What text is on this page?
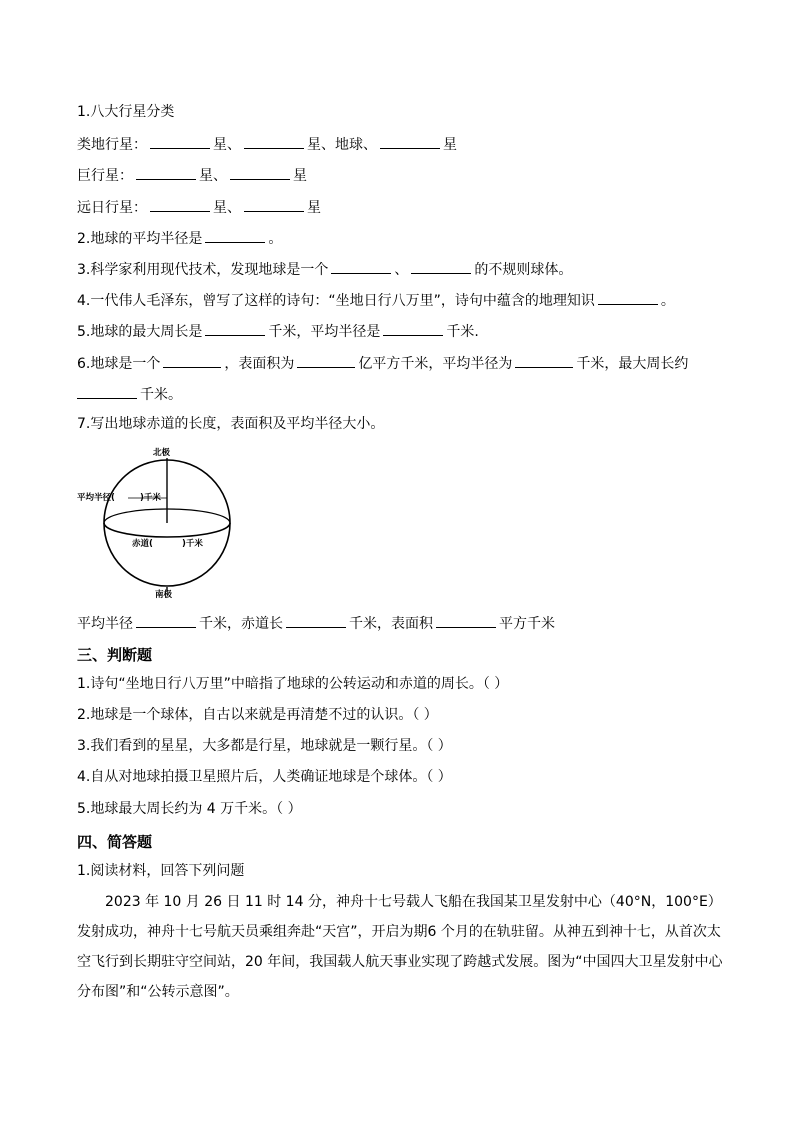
1.八大行星分类
类地行星：	星、	星、地球、	星
巨行星：	星、	星
远日行星：	星、	星
2.地球的平均半径是	。
3.科学家利用现代技术，发现地球是一个	、	的不规则球体。
4.一代伟人毛泽东，曾写了这样的诗句：“坐地日行八万里”，诗句中蕴含的地理知识	。
5.地球的最大周长是	千米，平均半径是	千米.
6.地球是一个	，表面积为	亿平方千米，平均半径为	千米，最大周长约
千米。
7.写出地球赤道的长度，表面积及平均半径大小。
北极
南极
平均半径(	)千米
赤道(	)千米
平均半径	千米，赤道长	千米，表面积	平方千米
三、判断题
1.诗句“坐地日行八万里”中暗指了地球的公转运动和赤道的周长。（ ）
2.地球是一个球体，自古以来就是再清楚不过的认识。（ ）
3.我们看到的星星，大多都是行星，地球就是一颗行星。（ ）
4.自从对地球拍摄卫星照片后，人类确证地球是个球体。（ ）
5.地球最大周长约为 4 万千米。（ ）
四、简答题
1.阅读材料，回答下列问题

2023 年 10 月 26 日 11 时 14 分，神舟十七号载人飞船在我国某卫星发射中心（40°N，100°E）发射成功，神舟十七号航天员乘组奔赴“天宫”，开启为期6 个月的在轨驻留。从神五到神十七，从首次太空飞行到长期驻守空间站，20 年间，我国载人航天事业实现了跨越式发展。图为“中国四大卫星发射中心分布图”和“公转示意图”。
